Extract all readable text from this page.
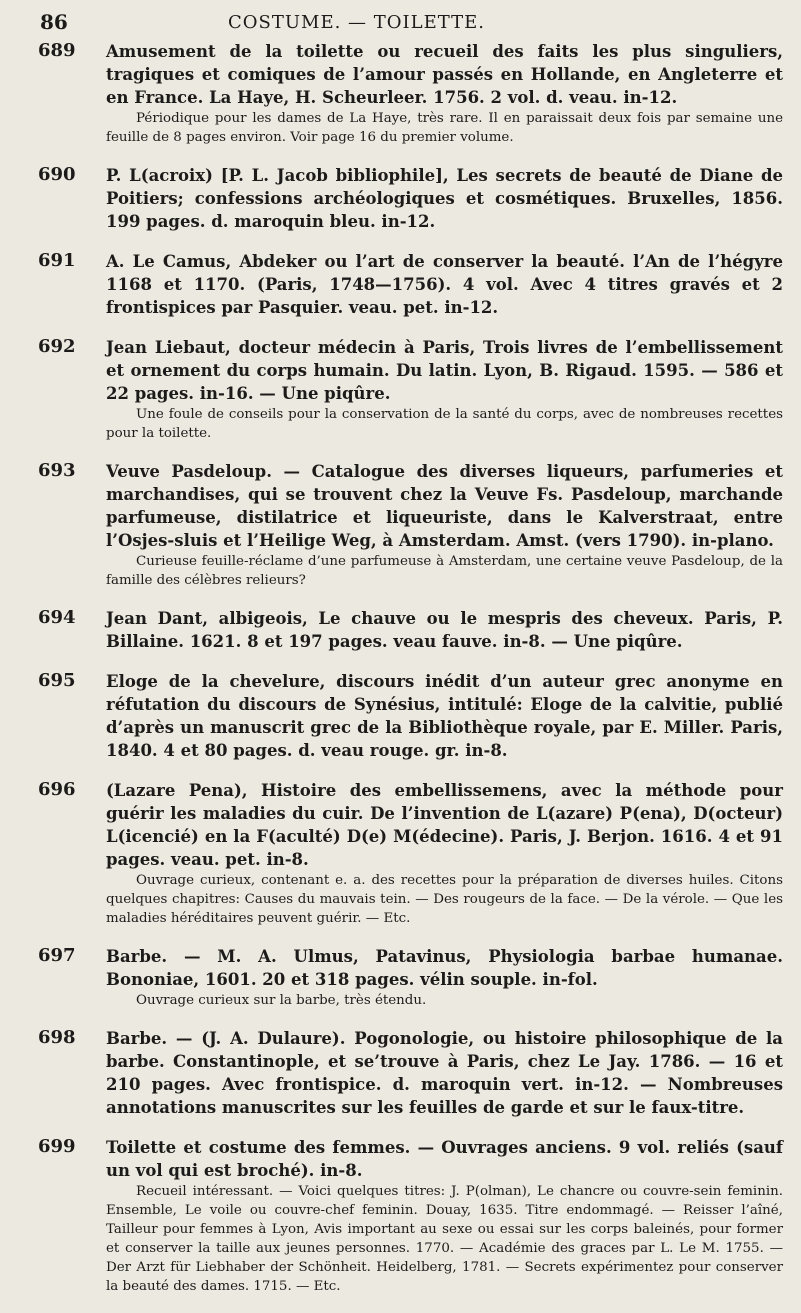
86	COSTUME. — TOILETTE.
689 Amusement de la toilette ou recueil des faits les plus singuliers, tragiques et comiques de l’amour passés en Hollande, en Angleterre et en France. La Haye, H. Scheurleer. 1756. 2 vol. d. veau. in-12.

Périodique pour les dames de La Haye, très rare. Il en paraissait deux fois par semaine une feuille de 8 pages environ. Voir page 16 du premier volume.

690 P. L(acroix) [P. L. Jacob bibliophile], Les secrets de beauté de Diane de Poitiers; confessions archéologiques et cosmétiques. Bruxelles, 1856. 199 pages. d. maroquin bleu. in-12.

691 A. Le Camus, Abdeker ou l’art de conserver la beauté. l’An de l’hégyre 1168 et 1170. (Paris, 1748—1756). 4 vol. Avec 4 titres gravés et 2 frontispices par Pasquier. veau. pet. in-12.

692 Jean Liebaut, docteur médecin à Paris, Trois livres de l’embellissement et ornement du corps humain. Du latin. Lyon, B. Rigaud. 1595. — 586 et 22 pages. in-16. — Une piqûre.

Une foule de conseils pour la conservation de la santé du corps, avec de nombreuses recettes pour la toilette.

693 Veuve Pasdeloup. — Catalogue des diverses liqueurs, parfumeries et marchandises, qui se trouvent chez la Veuve Fs. Pasdeloup, marchande parfumeuse, distilatrice et liqueuriste, dans le Kalverstraat, entre l’Osjes-sluis et l’Heilige Weg, à Amsterdam. Amst. (vers 1790). in-plano.

Curieuse feuille-réclame d’une parfumeuse à Amsterdam, une certaine veuve Pasdeloup, de la famille des célèbres relieurs?

694 Jean Dant, albigeois, Le chauve ou le mespris des cheveux. Paris, P. Billaine. 1621. 8 et 197 pages. veau fauve. in-8. — Une piqûre.

695 Eloge de la chevelure, discours inédit d’un auteur grec anonyme en réfutation du discours de Synésius, intitulé: Eloge de la calvitie, publié d’après un manuscrit grec de la Bibliothèque royale, par E. Miller. Paris, 1840. 4 et 80 pages. d. veau rouge. gr. in-8.

696 (Lazare Pena), Histoire des embellissemens, avec la méthode pour guérir les maladies du cuir. De l’invention de L(azare) P(ena), D(octeur) L(icencié) en la F(aculté) D(e) M(édecine). Paris, J. Berjon. 1616. 4 et 91 pages. veau. pet. in-8.

Ouvrage curieux, contenant e. a. des recettes pour la préparation de diverses huiles. Citons quelques chapitres: Causes du mauvais tein. — Des rougeurs de la face. — De la vérole. — Que les maladies héréditaires peuvent guérir. — Etc.

697 Barbe. — M. A. Ulmus, Patavinus, Physiologia barbae humanae. Bononiae, 1601. 20 et 318 pages. vélin souple. in-fol.

Ouvrage curieux sur la barbe, très étendu.

698 Barbe. — (J. A. Dulaure). Pogonologie, ou histoire philosophique de la barbe. Constantinople, et se’trouve à Paris, chez Le Jay. 1786. — 16 et 210 pages. Avec frontispice. d. maroquin vert. in-12. — Nombreuses annotations manuscrites sur les feuilles de garde et sur le faux-titre.

699 Toilette et costume des femmes. — Ouvrages anciens. 9 vol. reliés (sauf un vol qui est broché). in-8.

Recueil intéressant. — Voici quelques titres: J. P(olman), Le chancre ou couvre-sein feminin. Ensemble, Le voile ou couvre-chef feminin. Douay, 1635. Titre endommagé. — Reisser l’aîné, Tailleur pour femmes à Lyon, Avis important au sexe ou essai sur les corps baleinés, pour former et conserver la taille aux jeunes personnes. 1770. — Académie des graces par L. Le M. 1755. — Der Arzt für Liebhaber der Schönheit. Heidelberg, 1781. — Secrets expérimentez pour conserver la beauté des dames. 1715. — Etc.
